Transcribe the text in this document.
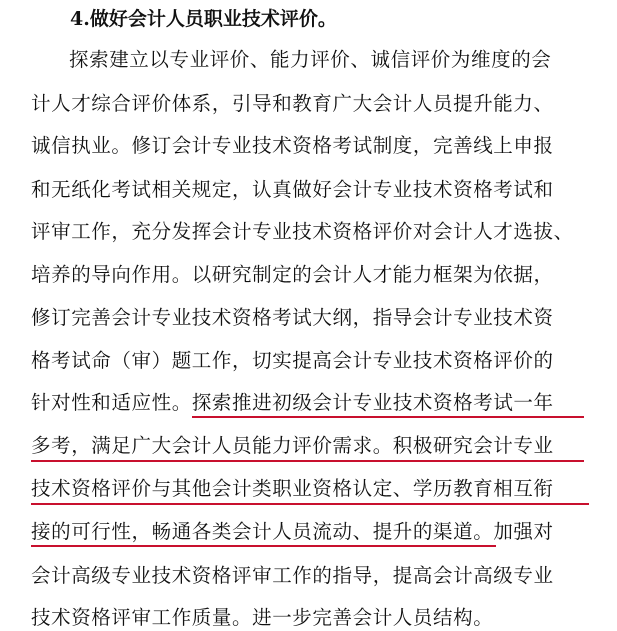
4.做好会计人员职业技术评价。
探索建立以专业评价、能力评价、诚信评价为维度的会
计人才综合评价体系，引导和教育广大会计人员提升能力、
诚信执业。修订会计专业技术资格考试制度，完善线上申报
和无纸化考试相关规定，认真做好会计专业技术资格考试和
评审工作，充分发挥会计专业技术资格评价对会计人才选拔、
培养的导向作用。以研究制定的会计人才能力框架为依据，
修订完善会计专业技术资格考试大纲，指导会计专业技术资
格考试命（审）题工作，切实提高会计专业技术资格评价的
针对性和适应性。探索推进初级会计专业技术资格考试一年
多考，满足广大会计人员能力评价需求。积极研究会计专业
技术资格评价与其他会计类职业资格认定、学历教育相互衔
接的可行性，畅通各类会计人员流动、提升的渠道。加强对
会计高级专业技术资格评审工作的指导，提高会计高级专业
技术资格评审工作质量。进一步完善会计人员结构。
